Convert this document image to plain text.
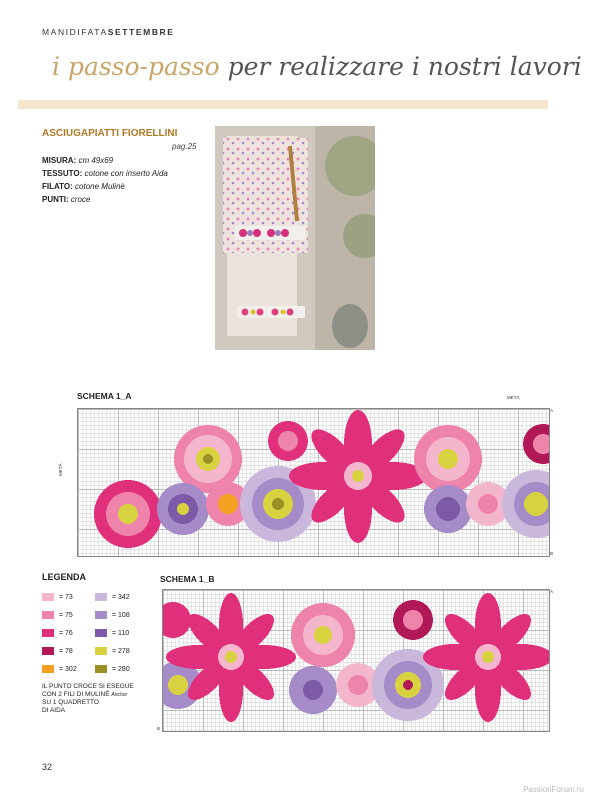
MANIDIFATASETTEMBRE
i passo-passo per realizzare i nostri lavori
ASCIUGAPIATTI FIORELLINI
pag.25
MISURA: cm 49x69
TESSUTO: cotone con inserto Aida
FILATO: cotone Mulinè
PUNTI: croce
SCHEMA 1_A	METÀ
METÀ
A
B
SCHEMA 1_B
A
B
LEGENDA
= 73	= 342
= 75	= 108
= 76	= 110
= 78	= 278
= 302	= 280
IL PUNTO CROCE SI ESEGUE
CON 2 FILI DI MULINÈ Anchor
SU 1 QUADRETTO
DI AIDA
32
PassionForum.ru
